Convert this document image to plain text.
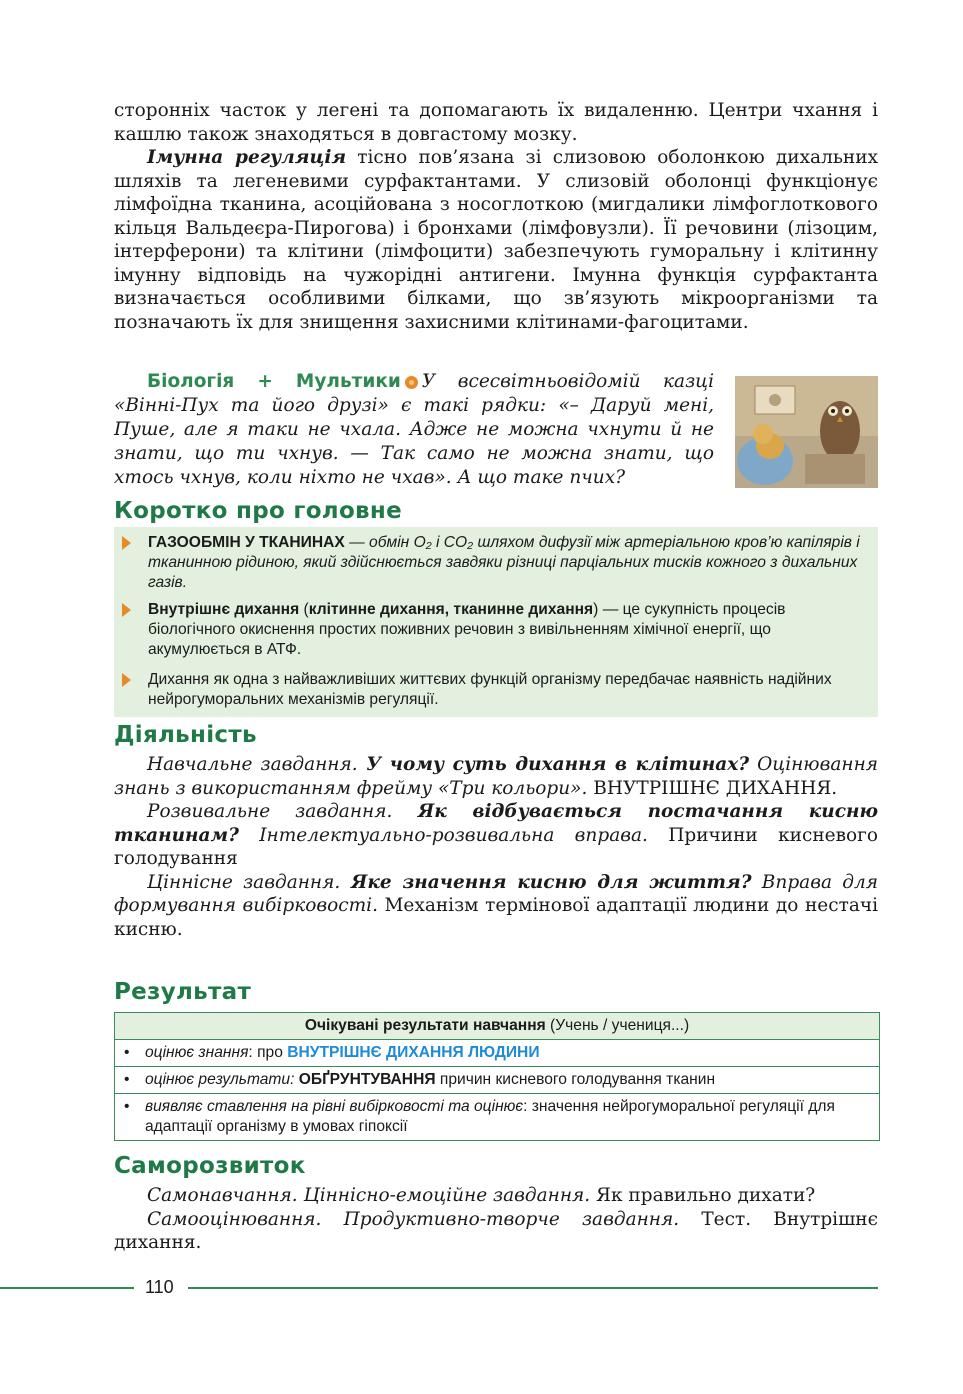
сторонніх часток у легені та допомагають їх видаленню. Центри чхання і кашлю також знаходяться в довгастому мозку.

Імунна регуляція тісно пов’язана зі слизовою оболонкою дихальних шляхів та легеневими сурфактантами. У слизовій оболонці функціонує лімфоїдна тканина, асоційована з носоглоткою (мигдалики лімфоглоткового кільця Вальдеєра-Пирогова) і бронхами (лімфовузли). Її речовини (лізоцим, інтерферони) та клітини (лімфоцити) забезпечують гуморальну і клітинну імунну відповідь на чужорідні антигени. Імунна функція сурфактанта визначається особливими білками, що зв’язують мікроорганізми та позначають їх для знищення захисними клітинами-фагоцитами.

Біологія + Мультики У всесвітньовідомій казці «Вінні-Пух та його друзі» є такі рядки: «– Даруй мені, Пуше, але я таки не чхала. Адже не можна чхнути й не знати, що ти чхнув. — Так само не можна знати, що хтось чхнув, коли ніхто не чхав». А що таке пчих?

Коротко про головне
ГАЗООБМІН У ТКАНИНАХ — обмін O₂ і CO₂ шляхом дифузії між артеріальною кров’ю капілярів і тканинною рідиною, який здійснюється завдяки різниці парціальних тисків кожного з дихальних газів.
Внутрішнє дихання (клітинне дихання, тканинне дихання) — це сукупність процесів біологічного окиснення простих поживних речовин з вивільненням хімічної енергії, що акумулюється в АТФ.
Дихання як одна з найважливіших життєвих функцій організму передбачає наявність надійних нейрогуморальних механізмів регуляції.
Діяльність

Навчальне завдання. У чому суть дихання в клітинах? Оцінювання знань з використанням фрейму «Три кольори». ВНУТРІШНЄ ДИХАННЯ.

Розвивальне завдання. Як відбувається постачання кисню тканинам? Інтелектуально-розвивальна вправа. Причини кисневого голодування

Ціннісне завдання. Яке значення кисню для життя? Вправа для формування вибірковості. Механізм термінової адаптації людини до нестачі кисню.

Результат
Очікувані результати навчання (Учень / учениця...)
• оцінює знання: про ВНУТРІШНЄ ДИХАННЯ ЛЮДИНИ
• оцінює результати: ОБҐРУНТУВАННЯ причин кисневого голодування тканин
• виявляє ставлення на рівні вибірковості та оцінює: значення нейрогуморальної регуляції для адаптації організму в умовах гіпоксії
Саморозвиток

Самонавчання. Ціннісно-емоційне завдання. Як правильно дихати?

Самооцінювання. Продуктивно-творче завдання. Тест. Внутрішнє дихання.

110
